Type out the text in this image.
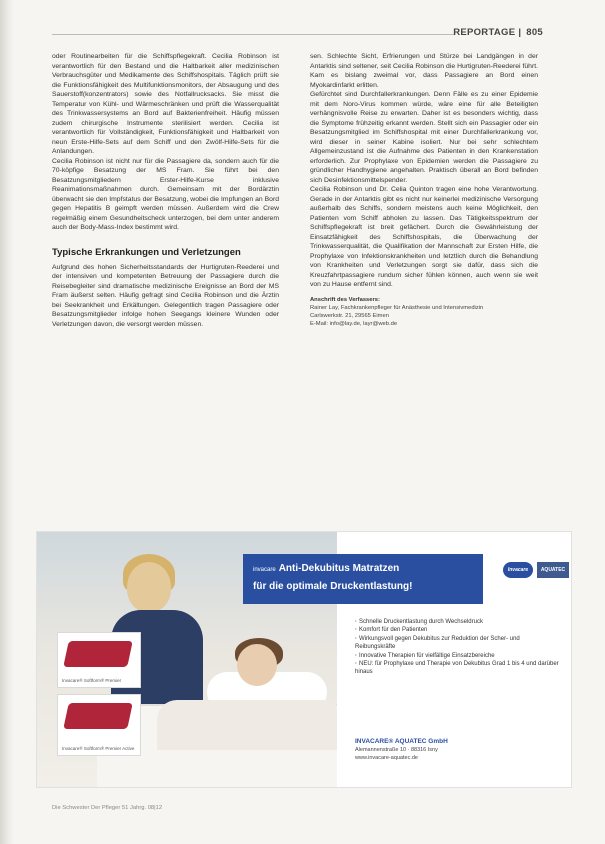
REPORTAGE | 805

oder Routinearbeiten für die Schiffspflegekraft. Cecilia Robinson ist verantwortlich für den Bestand und die Haltbarkeit aller medizinischen Verbrauchsgüter und Medikamente des Schiffshospitals. Täglich prüft sie die Funktionsfähigkeit des Multifunktionsmonitors, der Absaugung und des Sauerstoff(konzentrators) sowie des Notfallrucksacks. Sie misst die Temperatur von Kühl- und Wärmeschränken und prüft die Wasserqualität des Trinkwassersystems an Bord auf Bakterienfreiheit. Häufig müssen zudem chirurgische Instrumente sterilisiert werden. Cecilia ist verantwortlich für Vollständigkeit, Funktionsfähigkeit und Haltbarkeit von neun Erste-Hilfe-Sets auf dem Schiff und den Zwölf-Hilfe-Sets für die Anlandungen.

Cecilia Robinson ist nicht nur für die Passagiere da, sondern auch für die 70-köpfige Besatzung der MS Fram. Sie führt bei den Besatzungsmitgliedern Erster-Hilfe-Kurse inklusive Reanimationsmaßnahmen durch. Gemeinsam mit der Bordärztin überwacht sie den Impfstatus der Besatzung, wobei die Impfungen an Bord gegen Hepatitis B geimpft werden müssen. Außerdem wird die Crew regelmäßig einem Gesundheitscheck unterzogen, bei dem unter anderem auch der Body-Mass-Index bestimmt wird.

Typische Erkrankungen und Verletzungen

Aufgrund des hohen Sicherheitsstandards der Hurtigruten-Reederei und der intensiven und kompetenten Betreuung der Passagiere durch die Reisebegleiter sind dramatische medizinische Ereignisse an Bord der MS Fram äußerst selten. Häufig gefragt sind Cecilia Robinson und die Ärztin bei Seekrankheit und Erkältungen. Gelegentlich tragen Passagiere oder Besatzungsmitglieder infolge hohen Seegangs kleinere Wunden oder Verletzungen davon, die versorgt werden müssen.

sen. Schlechte Sicht, Erfrierungen und Stürze bei Landgängen in der Antarktis sind seltener, seit Cecilia Robinson die Hurtigruten-Reederei führt. Kam es bislang zweimal vor, dass Passagiere an Bord einen Myokardinfarkt erlitten.

Gefürchtet sind Durchfallerkrankungen. Denn Fälle es zu einer Epidemie mit dem Noro-Virus kommen würde, wäre eine für alle Beteiligten verhängnisvolle Reise zu erwarten. Daher ist es besonders wichtig, dass die Symptome frühzeitig erkannt werden. Stellt sich ein Passagier oder ein Besatzungsmitglied im Schiffshospital mit einer Durchfallerkrankung vor, wird dieser in seiner Kabine isoliert. Nur bei sehr schlechtem Allgemeinzustand ist die Aufnahme des Patienten in den Krankenstation erforderlich. Zur Prophylaxe von Epidemien werden die Passagiere zu gründlicher Handhygiene angehalten. Praktisch überall an Bord befinden sich Desinfektionsmittelspender.

Cecilia Robinson und Dr. Celia Quinton tragen eine hohe Verantwortung. Gerade in der Antarktis gibt es nicht nur keinerlei medizinische Versorgung außerhalb des Schiffs, sondern meistens auch keine Möglichkeit, den Patienten vom Schiff abholen zu lassen. Das Tätigkeitsspektrum der Schiffspflegekraft ist breit gefächert. Durch die Gewährleistung der Einsatzfähigkeit des Schiffshospitals, die Überwachung der Trinkwasserqualität, die Qualifikation der Mannschaft zur Ersten Hilfe, die Prophylaxe von Infektionskrankheiten und letztlich durch die Behandlung von Krankheiten und Verletzungen sorgt sie dafür, dass sich die Kreuzfahrtpassagiere rundum sicher fühlen können, auch wenn sie weit von zu Hause entfernt sind.

Anschrift des Verfassers:
Rainer Lay, Fachkrankenpfleger für Anästhesie und Intensivmedizin
Carlswerkstr. 21, 29565 Eimen
E-Mail: info@lay.de, layr@web.de
Invacare® Softform® Premier
Invacare® Softform® Premier Active
invacare Anti-Dekubitus Matratzen
für die optimale Druckentlastung!
Invacare	AQUATEC
· Schnelle Druckentlastung durch Wechseldruck
· Komfort für den Patienten
· Wirkungsvoll gegen Dekubitus zur Reduktion der Scher- und Reibungskräfte
· Innovative Therapien für vielfältige Einsatzbereiche
· NEU: für Prophylaxe und Therapie von Dekubitus Grad 1 bis 4 und darüber hinaus
INVACARE® AQUATEC GmbH
Alemannenstraße 10 · 88316 Isny
www.invacare-aquatec.de
Die Schwester Der Pfleger 51 Jahrg. 08|12
